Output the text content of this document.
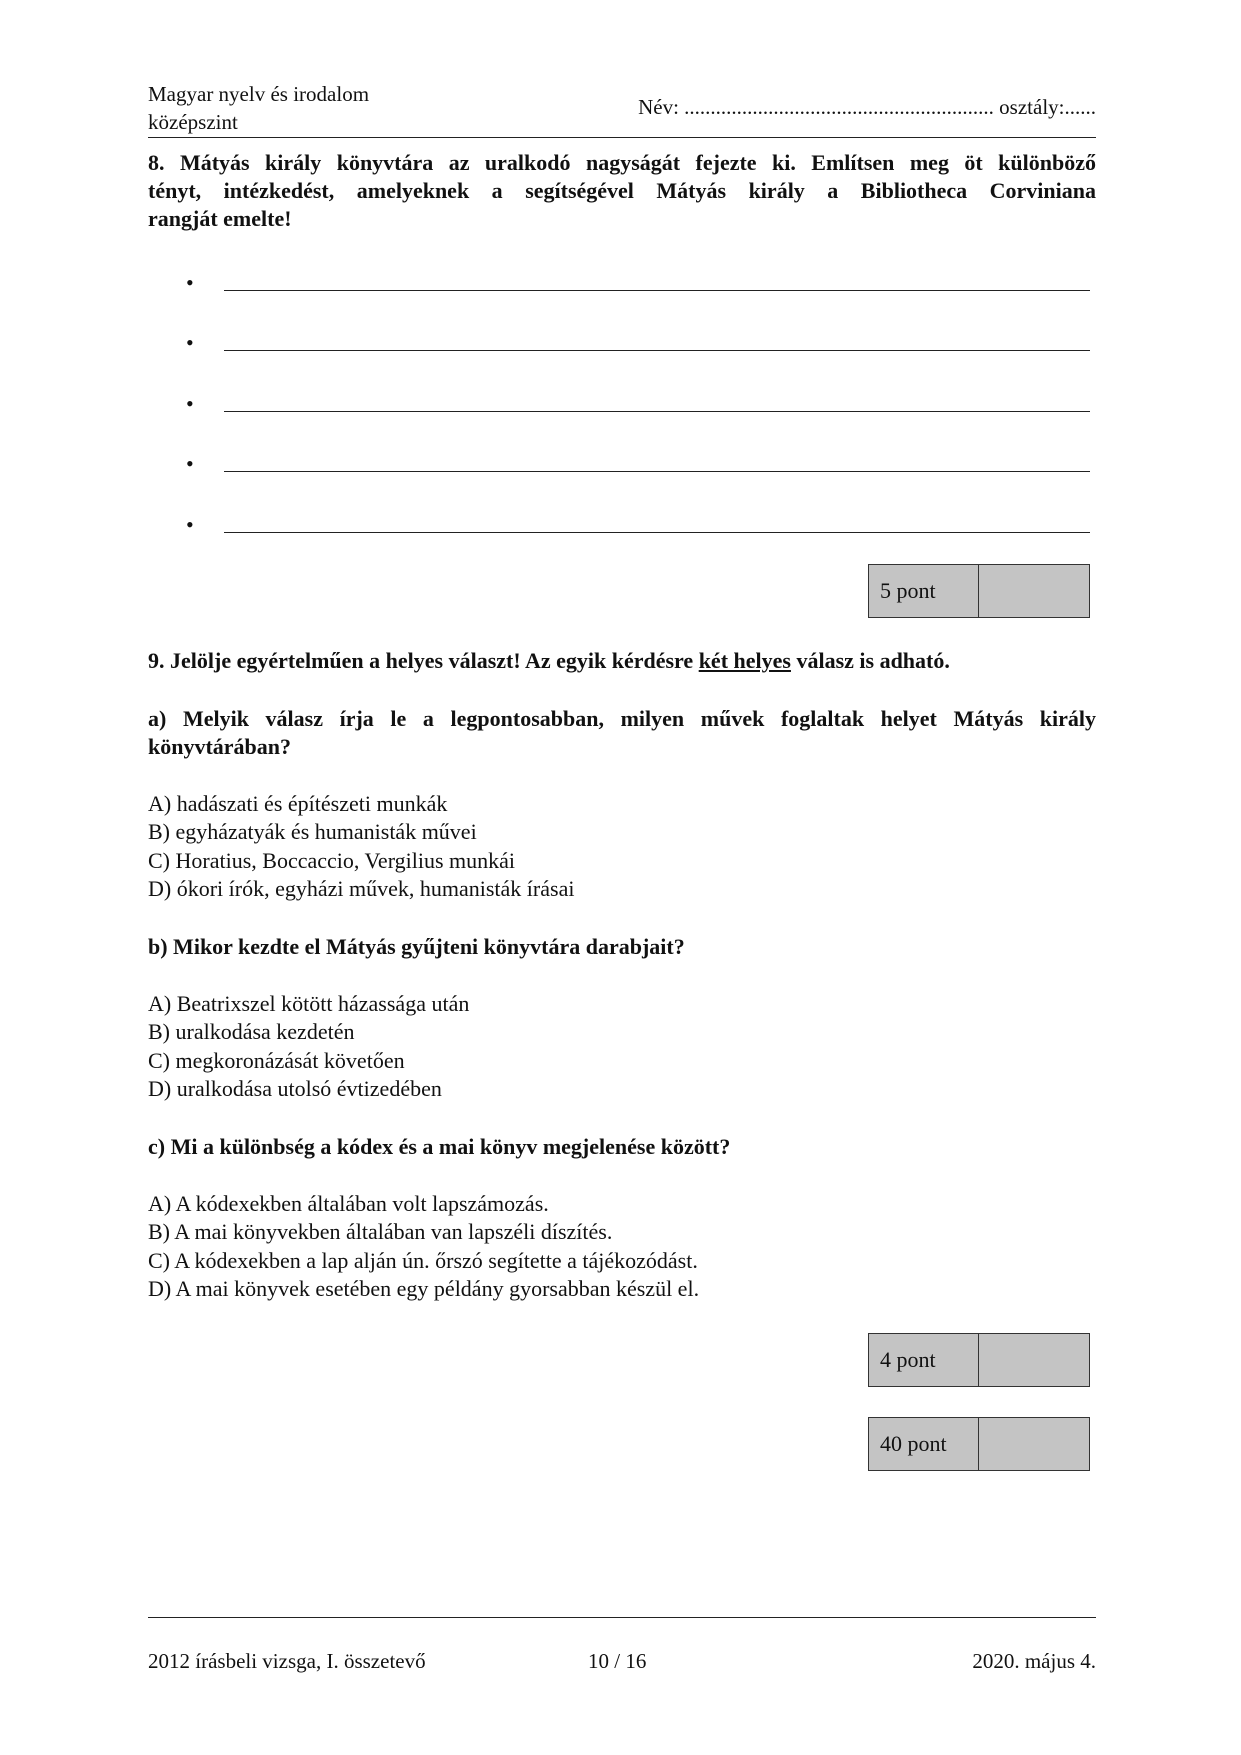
Magyar nyelv és irodalom
középszint
Név: ........................................................... osztály:......
8. Mátyás király könyvtára az uralkodó nagyságát fejezte ki. Említsen meg öt különböző
tényt, intézkedést, amelyeknek a segítségével Mátyás király a Bibliotheca Corviniana
rangját emelte!
•
•
•
•
•
5 pont
9. Jelölje egyértelműen a helyes választ! Az egyik kérdésre két helyes válasz is adható.
a) Melyik válasz írja le a legpontosabban, milyen művek foglaltak helyet Mátyás király
könyvtárában?
A) hadászati és építészeti munkák
B) egyházatyák és humanisták művei
C) Horatius, Boccaccio, Vergilius munkái
D) ókori írók, egyházi művek, humanisták írásai
b) Mikor kezdte el Mátyás gyűjteni könyvtára darabjait?
A) Beatrixszel kötött házassága után
B) uralkodása kezdetén
C) megkoronázását követően
D) uralkodása utolsó évtizedében
c) Mi a különbség a kódex és a mai könyv megjelenése között?
A) A kódexekben általában volt lapszámozás.
B) A mai könyvekben általában van lapszéli díszítés.
C) A kódexekben a lap alján ún. őrszó segítette a tájékozódást.
D) A mai könyvek esetében egy példány gyorsabban készül el.
4 pont
40 pont
2012 írásbeli vizsga, I. összetevő	10 / 16	2020. május 4.
